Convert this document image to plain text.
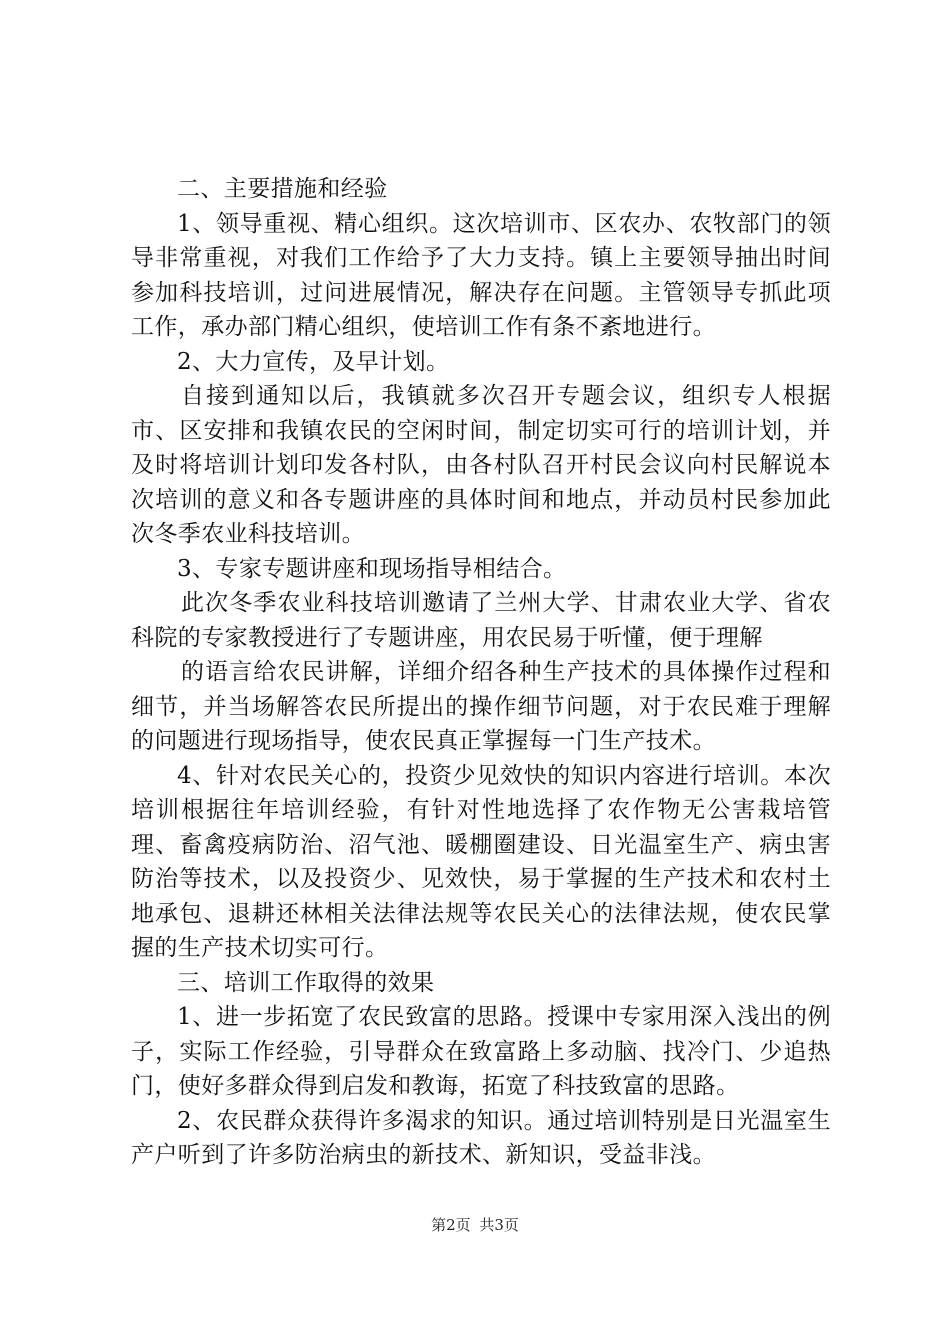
二、主要措施和经验

1、领导重视、精心组织。这次培训市、区农办、农牧部门的领导非常重视，对我们工作给予了大力支持。镇上主要领导抽出时间参加科技培训，过问进展情况，解决存在问题。主管领导专抓此项工作，承办部门精心组织，使培训工作有条不紊地进行。

2、大力宣传，及早计划。

自接到通知以后，我镇就多次召开专题会议，组织专人根据市、区安排和我镇农民的空闲时间，制定切实可行的培训计划，并及时将培训计划印发各村队，由各村队召开村民会议向村民解说本次培训的意义和各专题讲座的具体时间和地点，并动员村民参加此次冬季农业科技培训。

3、专家专题讲座和现场指导相结合。

此次冬季农业科技培训邀请了兰州大学、甘肃农业大学、省农科院的专家教授进行了专题讲座，用农民易于听懂，便于理解

的语言给农民讲解，详细介绍各种生产技术的具体操作过程和细节，并当场解答农民所提出的操作细节问题，对于农民难于理解的问题进行现场指导，使农民真正掌握每一门生产技术。

4、针对农民关心的，投资少见效快的知识内容进行培训。本次培训根据往年培训经验，有针对性地选择了农作物无公害栽培管理、畜禽疫病防治、沼气池、暖棚圈建设、日光温室生产、病虫害防治等技术，以及投资少、见效快，易于掌握的生产技术和农村土地承包、退耕还林相关法律法规等农民关心的法律法规，使农民掌握的生产技术切实可行。

三、培训工作取得的效果

1、进一步拓宽了农民致富的思路。授课中专家用深入浅出的例子，实际工作经验，引导群众在致富路上多动脑、找冷门、少追热门，使好多群众得到启发和教诲，拓宽了科技致富的思路。

2、农民群众获得许多渴求的知识。通过培训特别是日光温室生产户听到了许多防治病虫的新技术、新知识，受益非浅。

第2页 共3页
